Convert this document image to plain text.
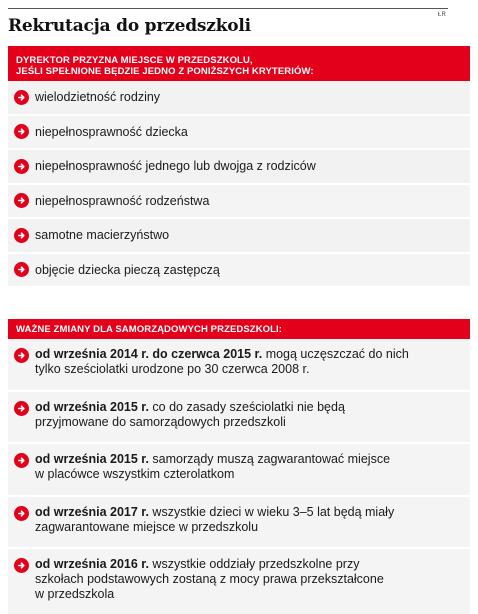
ŁR
Rekrutacja do przedszkoli
DYREKTOR PRZYZNA MIEJSCE W PRZEDSZKOLU,
JEŚLI SPEŁNIONE BĘDZIE JEDNO Z PONIŻSZYCH KRYTERIÓW:
wielodzietność rodziny
niepełnosprawność dziecka
niepełnosprawność jednego lub dwojga z rodziców
niepełnosprawność rodzeństwa
samotne macierzyństwo
objęcie dziecka pieczą zastępczą
WAŻNE ZMIANY DLA SAMORZĄDOWYCH PRZEDSZKOLI:
od września 2014 r. do czerwca 2015 r. mogą uczęszczać do nich
tylko sześciolatki urodzone po 30 czerwca 2008 r.
od września 2015 r. co do zasady sześciolatki nie będą
przyjmowane do samorządowych przedszkoli
od września 2015 r. samorządy muszą zagwarantować miejsce
w placówce wszystkim czterolatkom
od września 2017 r. wszystkie dzieci w wieku 3–5 lat będą miały
zagwarantowane miejsce w przedszkolu
od września 2016 r. wszystkie oddziały przedszkolne przy
szkołach podstawowych zostaną z mocy prawa przekształcone
w przedszkola
